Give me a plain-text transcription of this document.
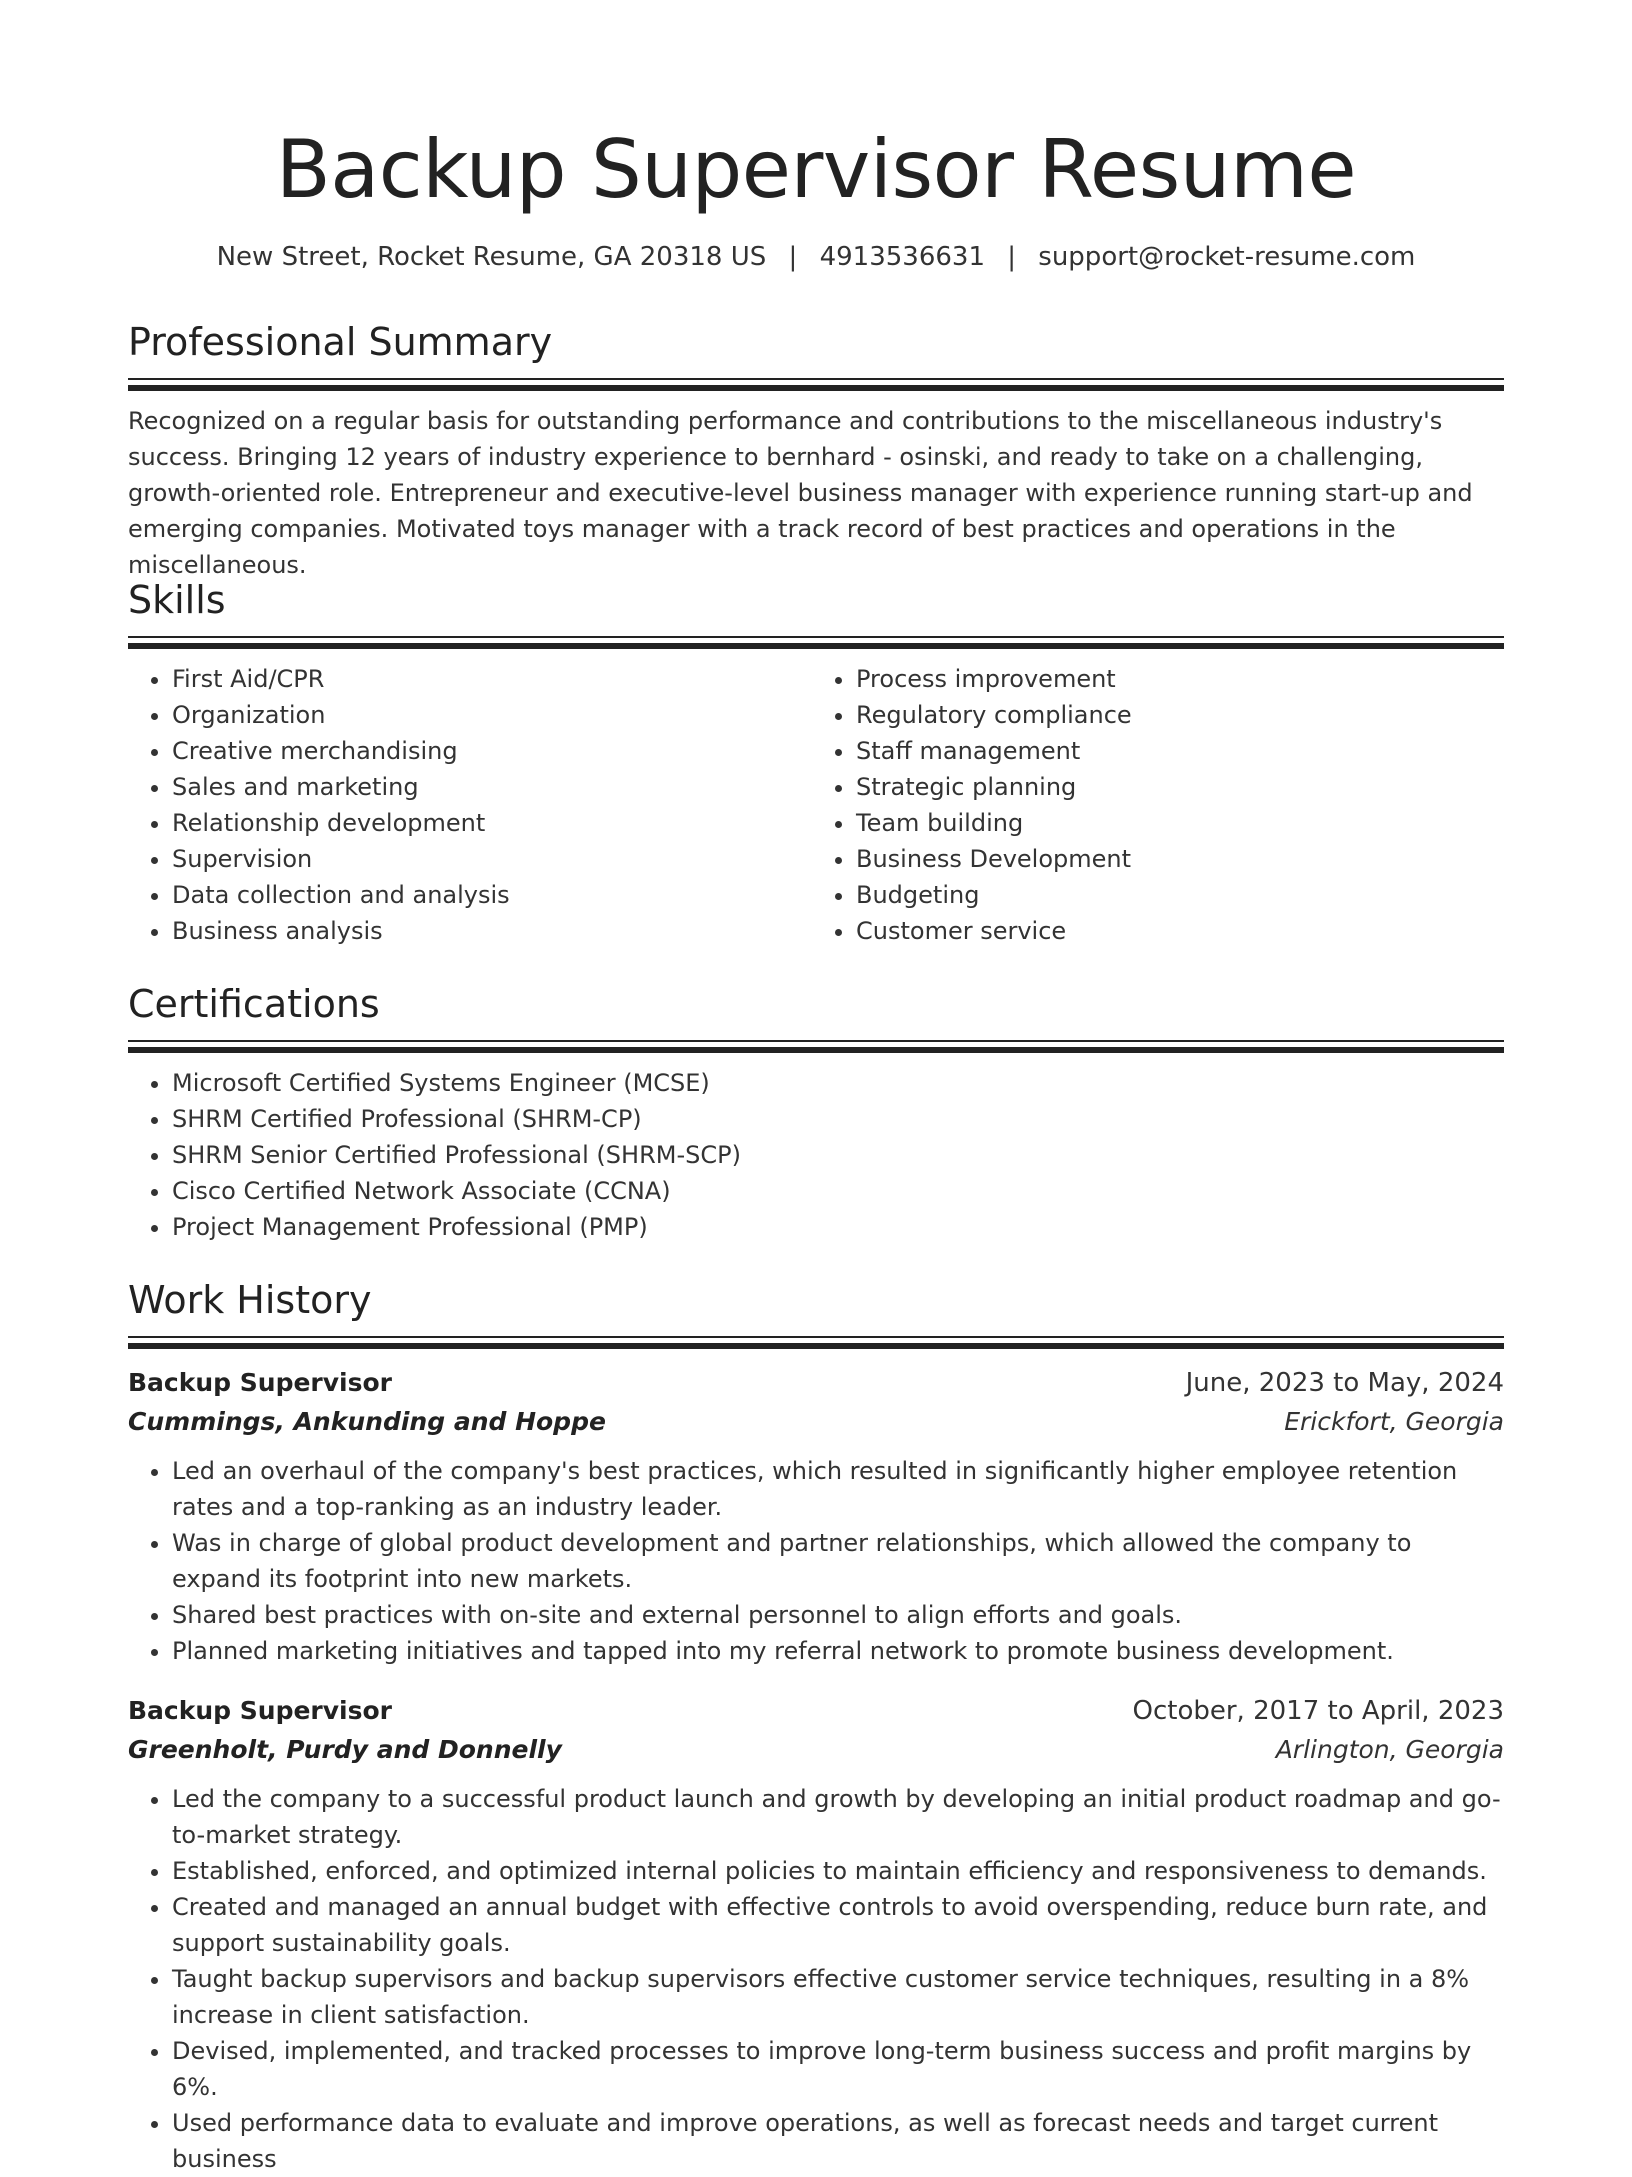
Backup Supervisor Resume
New Street, Rocket Resume, GA 20318 US | 4913536631 | support@rocket-resume.com
Professional Summary

Recognized on a regular basis for outstanding performance and contributions to the miscellaneous industry's success. Bringing 12 years of industry experience to bernhard - osinski, and ready to take on a challenging, growth-oriented role. Entrepreneur and executive-level business manager with experience running start-up and emerging companies. Motivated toys manager with a track record of best practices and operations in the miscellaneous.

Skills
• First Aid/CPR
• Organization
• Creative merchandising
• Sales and marketing
• Relationship development
• Supervision
• Data collection and analysis
• Business analysis
• Process improvement
• Regulatory compliance
• Staff management
• Strategic planning
• Team building
• Business Development
• Budgeting
• Customer service
Certifications
• Microsoft Certified Systems Engineer (MCSE)
• SHRM Certified Professional (SHRM-CP)
• SHRM Senior Certified Professional (SHRM-SCP)
• Cisco Certified Network Associate (CCNA)
• Project Management Professional (PMP)
Work History
Backup Supervisor	June, 2023 to May, 2024
Cummings, Ankunding and Hoppe	Erickfort, Georgia
• Led an overhaul of the company's best practices, which resulted in significantly higher employee retention rates and a top-ranking as an industry leader.
• Was in charge of global product development and partner relationships, which allowed the company to expand its footprint into new markets.
• Shared best practices with on-site and external personnel to align efforts and goals.
• Planned marketing initiatives and tapped into my referral network to promote business development.
Backup Supervisor	October, 2017 to April, 2023
Greenholt, Purdy and Donnelly	Arlington, Georgia
• Led the company to a successful product launch and growth by developing an initial product roadmap and go-to-market strategy.
• Established, enforced, and optimized internal policies to maintain efficiency and responsiveness to demands.
• Created and managed an annual budget with effective controls to avoid overspending, reduce burn rate, and support sustainability goals.
• Taught backup supervisors and backup supervisors effective customer service techniques, resulting in a 8% increase in client satisfaction.
• Devised, implemented, and tracked processes to improve long-term business success and profit margins by 6%.
• Used performance data to evaluate and improve operations, as well as forecast needs and target current business
